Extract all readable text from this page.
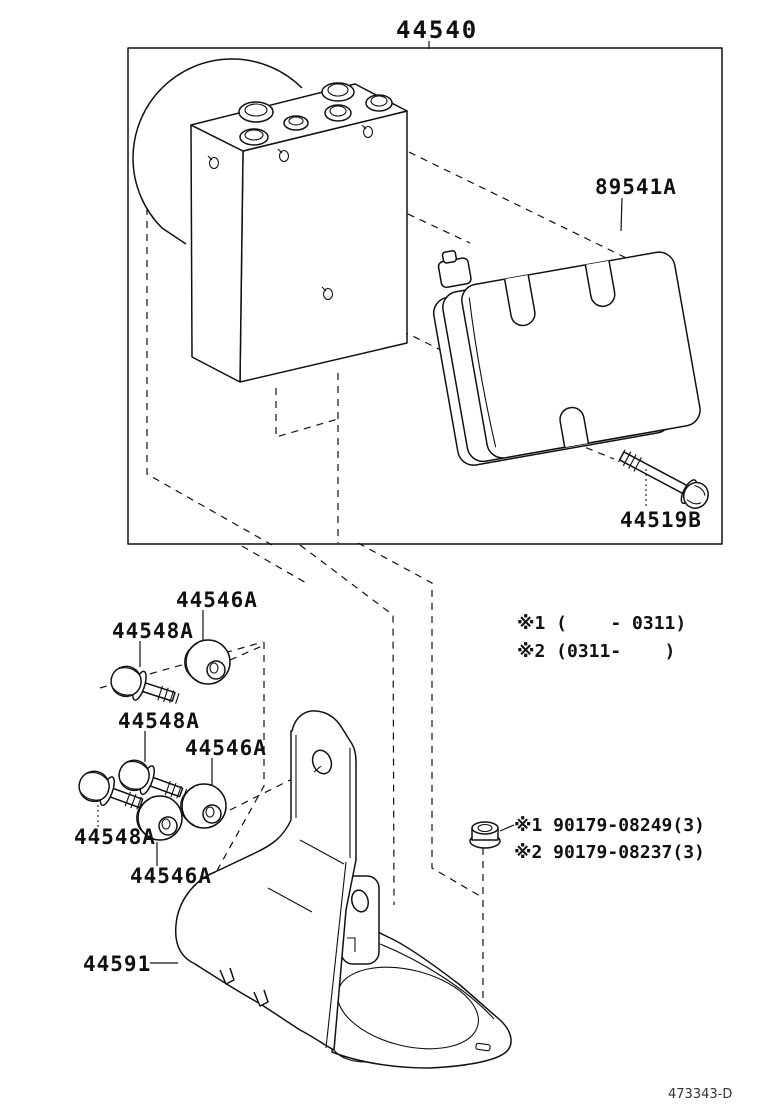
44540
89541A
44519B
44546A
44548A
44548A
44546A
44548A
44546A
44591
※1 (    - 0311)
※2 (0311-    )
※1 90179-08249(3)
※2 90179-08237(3)
473343-D
